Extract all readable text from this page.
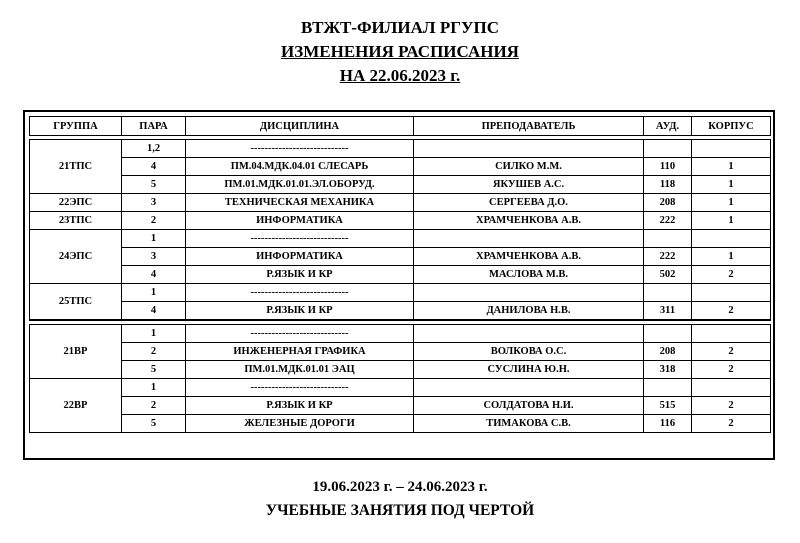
ВТЖТ-ФИЛИАЛ РГУПС
ИЗМЕНЕНИЯ РАСПИСАНИЯ
НА 22.06.2023 г.
ГРУППА	ПАРА	ДИСЦИПЛИНА	ПРЕПОДАВАТЕЛЬ	АУД.	КОРПУС

21ТПС	1,2	----------------------------			
	4	ПМ.04.МДК.04.01 СЛЕСАРЬ	СИЛКО М.М.	110	1
	5	ПМ.01.МДК.01.01.ЭЛ.ОБОРУД.	ЯКУШЕВ А.С.	118	1
22ЭПС	3	ТЕХНИЧЕСКАЯ МЕХАНИКА	СЕРГЕЕВА Д.О.	208	1
23ТПС	2	ИНФОРМАТИКА	ХРАМЧЕНКОВА А.В.	222	1
24ЭПС	1	----------------------------			
	3	ИНФОРМАТИКА	ХРАМЧЕНКОВА А.В.	222	1
	4	Р.ЯЗЫК И КР	МАСЛОВА М.В.	502	2
25ТПС	1	----------------------------			
	4	Р.ЯЗЫК И КР	ДАНИЛОВА Н.В.	311	2

21ВР	1	----------------------------			
	2	ИНЖЕНЕРНАЯ ГРАФИКА	ВОЛКОВА О.С.	208	2
	5	ПМ.01.МДК.01.01 ЭАЦ	СУСЛИНА Ю.Н.	318	2
22ВР	1	----------------------------			
	2	Р.ЯЗЫК И КР	СОЛДАТОВА Н.И.	515	2
	5	ЖЕЛЕЗНЫЕ ДОРОГИ	ТИМАКОВА С.В.	116	2
19.06.2023 г. – 24.06.2023 г.
УЧЕБНЫЕ ЗАНЯТИЯ ПОД ЧЕРТОЙ
